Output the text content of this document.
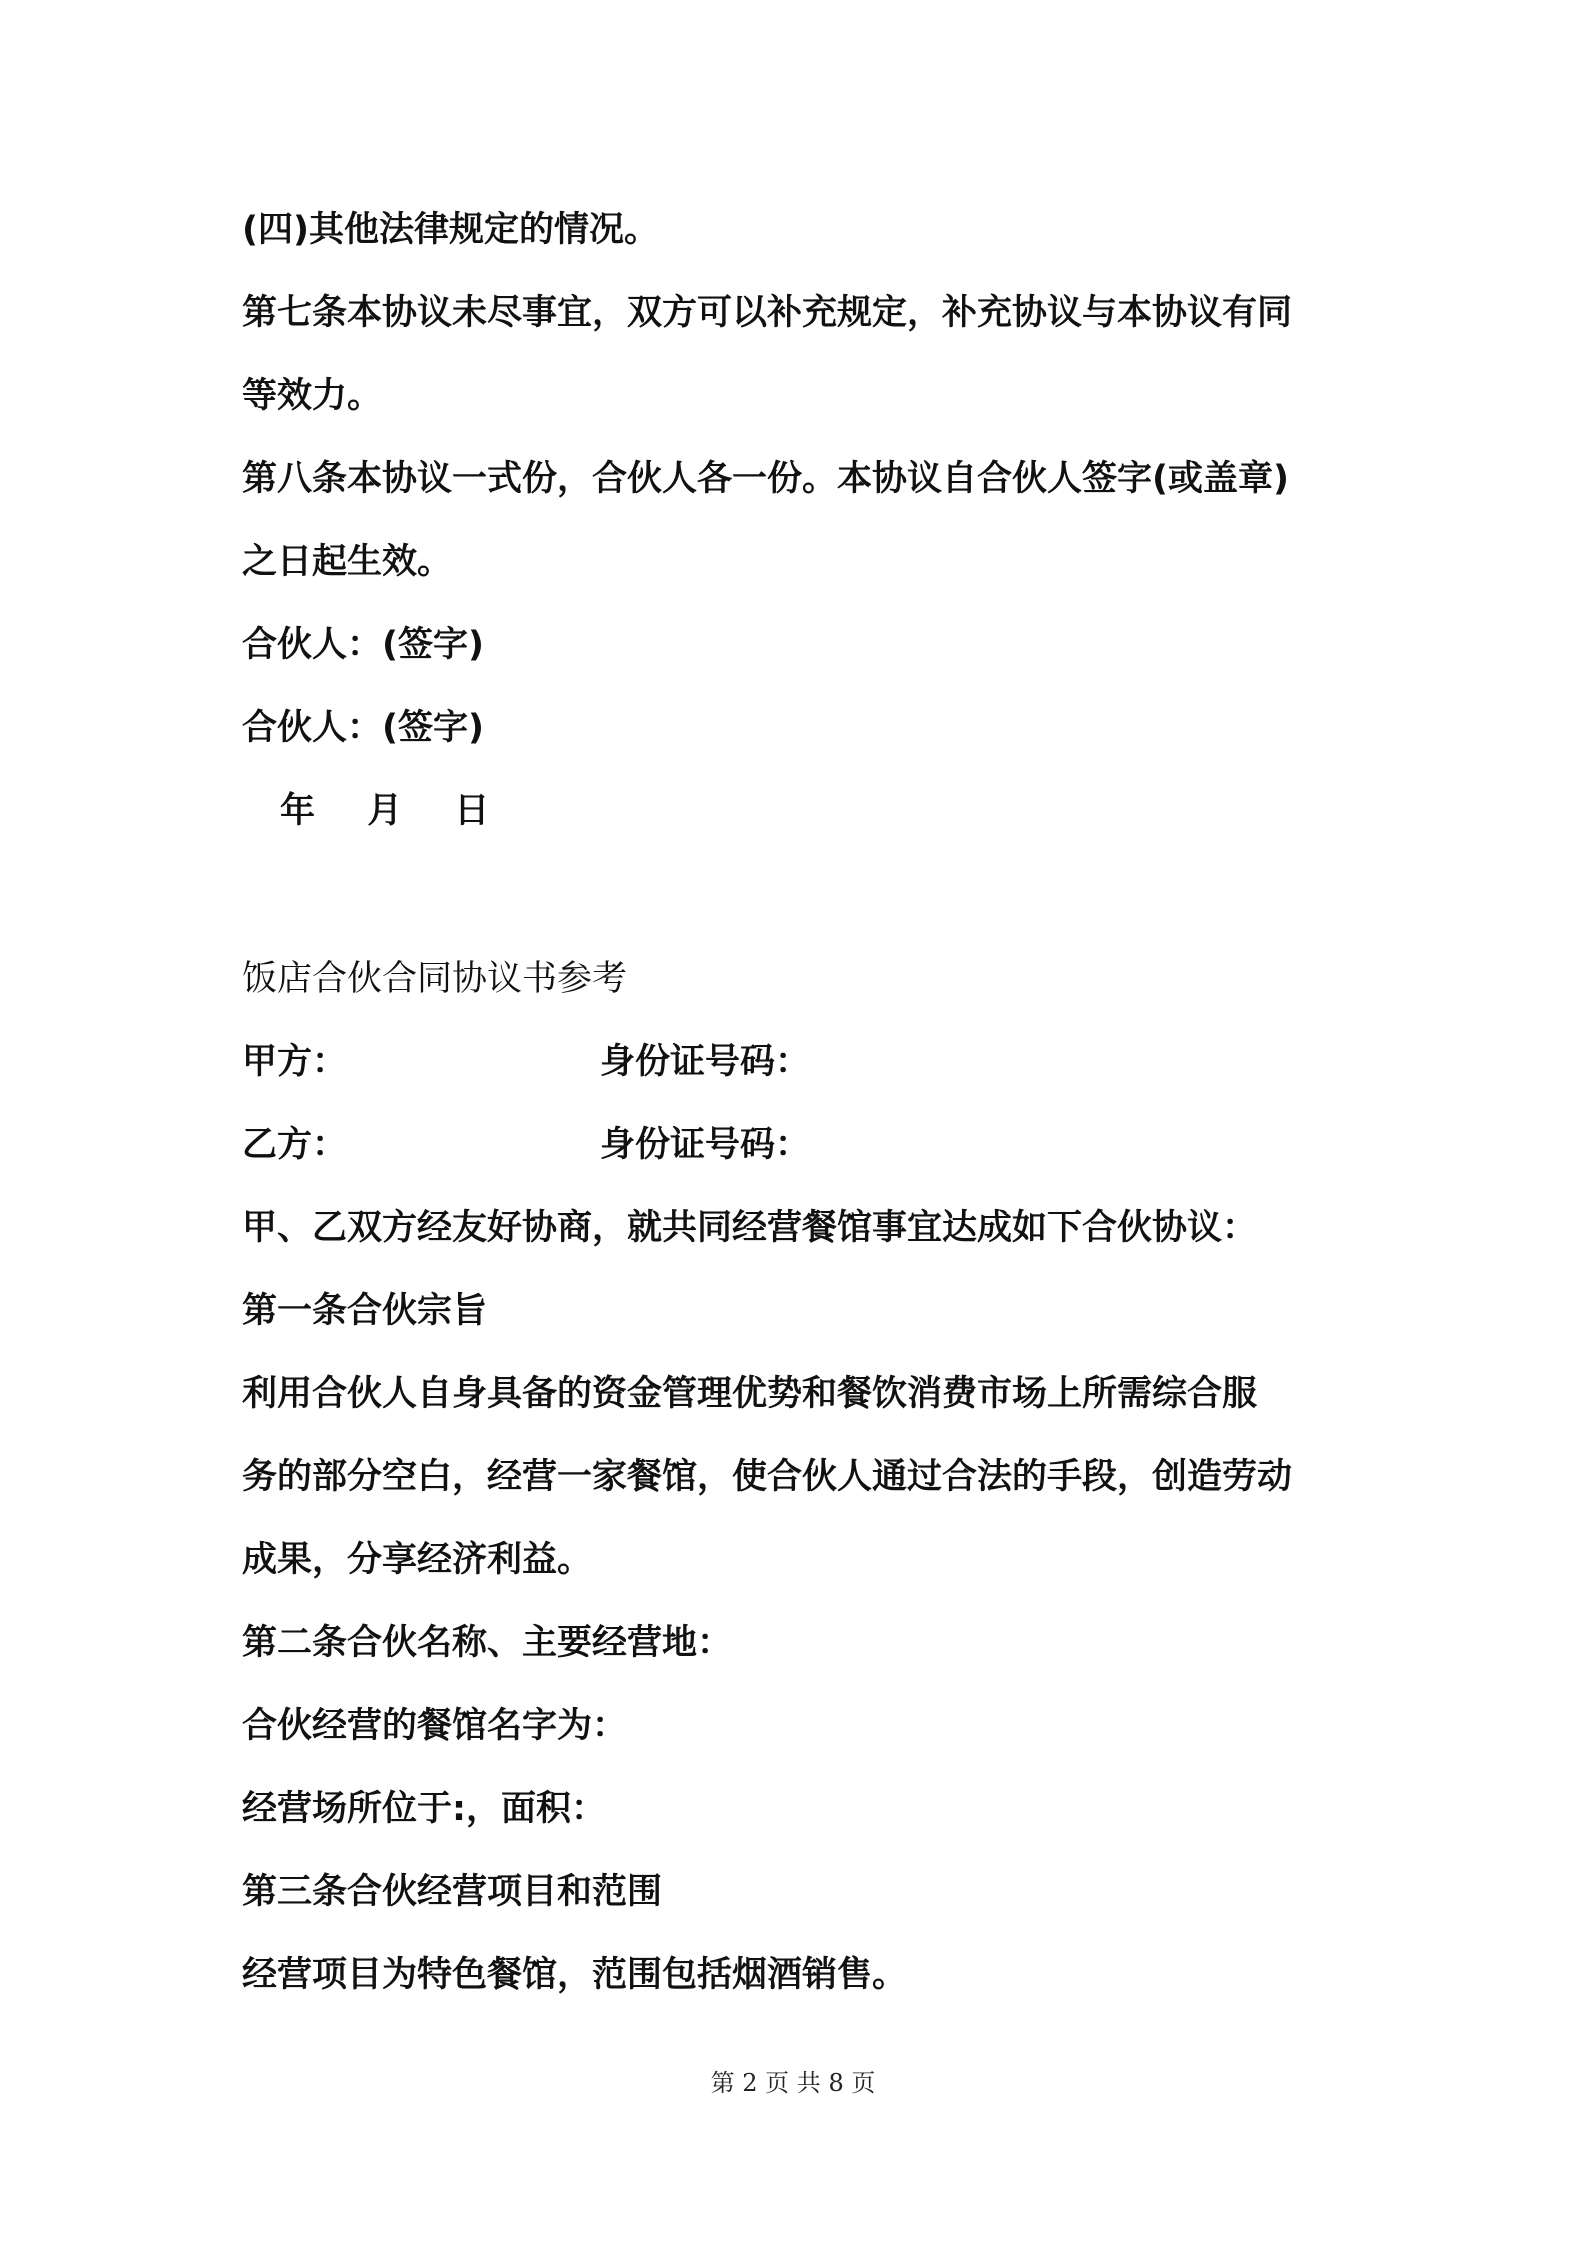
(四)其他法律规定的情况。
第七条本协议未尽事宜，双方可以补充规定，补充协议与本协议有同
等效力。
第八条本协议一式份，合伙人各一份。本协议自合伙人签字(或盖章)
之日起生效。
合伙人：(签字)
合伙人：(签字)
年 月 日
饭店合伙合同协议书参考
甲方：	身份证号码：
乙方：	身份证号码：
甲、乙双方经友好协商，就共同经营餐馆事宜达成如下合伙协议：
第一条合伙宗旨
利用合伙人自身具备的资金管理优势和餐饮消费市场上所需综合服
务的部分空白，经营一家餐馆，使合伙人通过合法的手段，创造劳动
成果，分享经济利益。
第二条合伙名称、主要经营地：
合伙经营的餐馆名字为：
经营场所位于:，面积：
第三条合伙经营项目和范围
经营项目为特色餐馆，范围包括烟酒销售。
第 2 页 共 8 页
